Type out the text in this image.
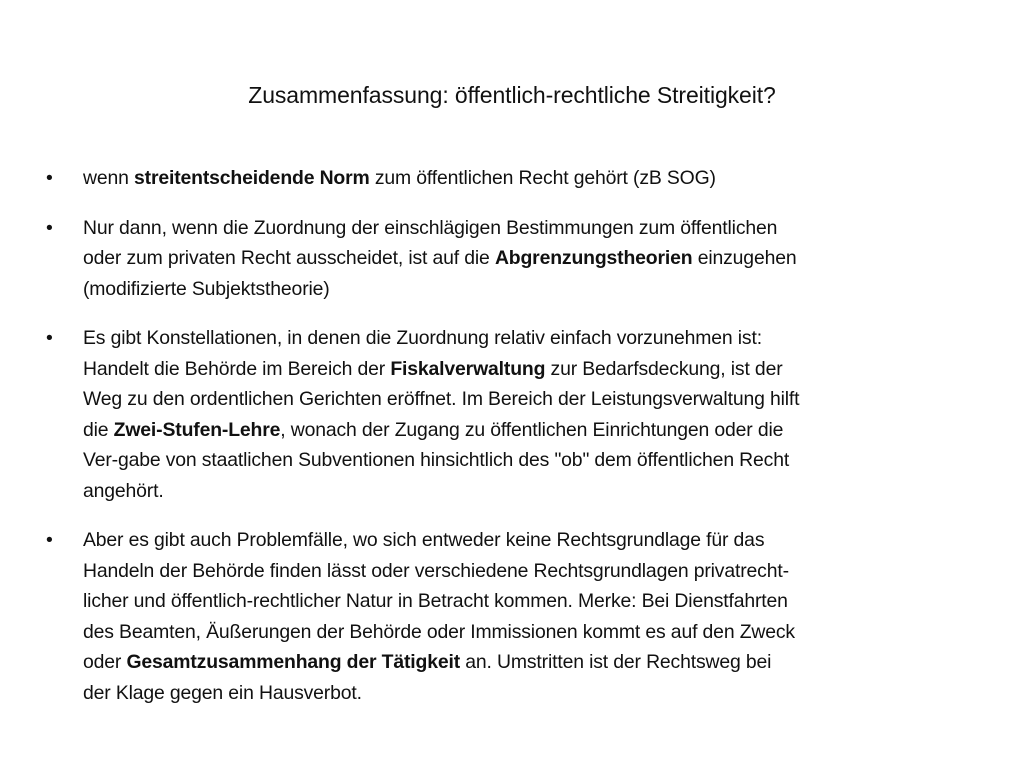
Zusammenfassung: öffentlich-rechtliche Streitigkeit?
• wenn streitentscheidende Norm zum öffentlichen Recht gehört (zB SOG)
• Nur dann, wenn die Zuordnung der einschlägigen Bestimmungen zum öffentlichen
oder zum privaten Recht ausscheidet, ist auf die Abgrenzungstheorien einzugehen
(modifizierte Subjektstheorie)
• Es gibt Konstellationen, in denen die Zuordnung relativ einfach vorzunehmen ist:
Handelt die Behörde im Bereich der Fiskalverwaltung zur Bedarfsdeckung, ist der
Weg zu den ordentlichen Gerichten eröffnet. Im Bereich der Leistungsverwaltung hilft
die Zwei-Stufen-Lehre, wonach der Zugang zu öffentlichen Einrichtungen oder die
Ver-gabe von staatlichen Subventionen hinsichtlich des "ob" dem öffentlichen Recht
angehört.
• Aber es gibt auch Problemfälle, wo sich entweder keine Rechtsgrundlage für das
Handeln der Behörde finden lässt oder verschiedene Rechtsgrundlagen privatrecht-
licher und öffentlich-rechtlicher Natur in Betracht kommen. Merke: Bei Dienstfahrten
des Beamten, Äußerungen der Behörde oder Immissionen kommt es auf den Zweck
oder Gesamtzusammenhang der Tätigkeit an. Umstritten ist der Rechtsweg bei
der Klage gegen ein Hausverbot.
